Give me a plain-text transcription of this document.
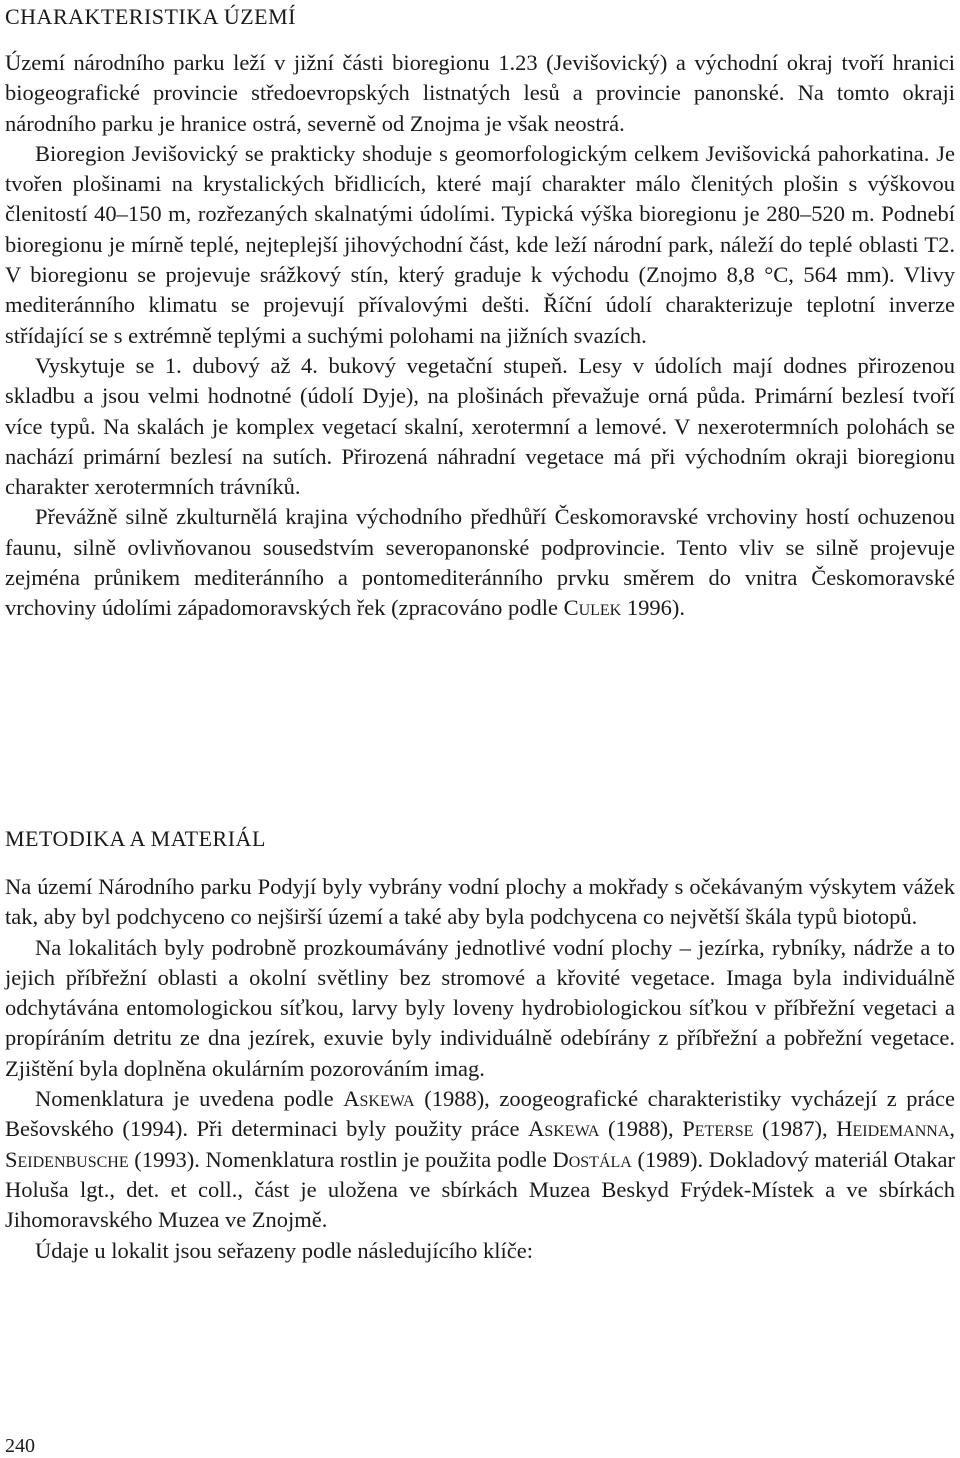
CHARAKTERISTIKA ÚZEMÍ

Území národního parku leží v jižní části bioregionu 1.23 (Jevišovický) a východní okraj tvoří hranici biogeografické provincie středoevropských listnatých lesů a provincie panonské. Na tomto okraji národního parku je hranice ostrá, severně od Znojma je však neostrá.

Bioregion Jevišovický se prakticky shoduje s geomorfologickým celkem Jevišovická pahorkatina. Je tvořen plošinami na krystalických břidlicích, které mají charakter málo členitých plošin s výškovou členitostí 40–150 m, rozřezaných skalnatými údolími. Typická výška bioregionu je 280–520 m. Podnebí bioregionu je mírně teplé, nejteplejší jihovýchodní část, kde leží národní park, náleží do teplé oblasti T2. V bioregionu se projevuje srážkový stín, který graduje k východu (Znojmo 8,8 °C, 564 mm). Vlivy mediteránního klimatu se projevují přívalovými dešti. Říční údolí charakterizuje teplotní inverze střídající se s extrémně teplými a suchými polohami na jižních svazích.

Vyskytuje se 1. dubový až 4. bukový vegetační stupeň. Lesy v údolích mají dodnes přirozenou skladbu a jsou velmi hodnotné (údolí Dyje), na plošinách převažuje orná půda. Primární bezlesí tvoří více typů. Na skalách je komplex vegetací skalní, xerotermní a lemové. V nexerotermních polohách se nachází primární bezlesí na sutích. Přirozená náhradní vegetace má při východním okraji bioregionu charakter xerotermních trávníků.

Převážně silně zkulturnělá krajina východního předhůří Českomoravské vrchoviny hostí ochuzenou faunu, silně ovlivňovanou sousedstvím severopanonské podprovincie. Tento vliv se silně projevuje zejména průnikem mediteránního a pontomediteránního prvku směrem do vnitra Českomoravské vrchoviny údolími západomoravských řek (zpracováno podle Culek 1996).

METODIKA A MATERIÁL

Na území Národního parku Podyjí byly vybrány vodní plochy a mokřady s očekávaným výskytem vážek tak, aby byl podchyceno co nejširší území a také aby byla podchycena co největší škála typů biotopů.

Na lokalitách byly podrobně prozkoumávány jednotlivé vodní plochy – jezírka, rybníky, nádrže a to jejich příbřežní oblasti a okolní světliny bez stromové a křovité vegetace. Imaga byla individuálně odchytávána entomologickou síťkou, larvy byly loveny hydrobiologickou síťkou v příbřežní vegetaci a propíráním detritu ze dna jezírek, exuvie byly individuálně odebírány z příbřežní a pobřežní vegetace. Zjištění byla doplněna okulárním pozorováním imag.

Nomenklatura je uvedena podle Askewa (1988), zoogeografické charakteristiky vycházejí z práce Bešovského (1994). Při determinaci byly použity práce Askewa (1988), Peterse (1987), Heidemanna, Seidenbusche (1993). Nomenklatura rostlin je použita podle Dostála (1989). Dokladový materiál Otakar Holuša lgt., det. et coll., část je uložena ve sbírkách Muzea Beskyd Frýdek-Místek a ve sbírkách Jihomoravského Muzea ve Znojmě.

Údaje u lokalit jsou seřazeny podle následujícího klíče:

240
